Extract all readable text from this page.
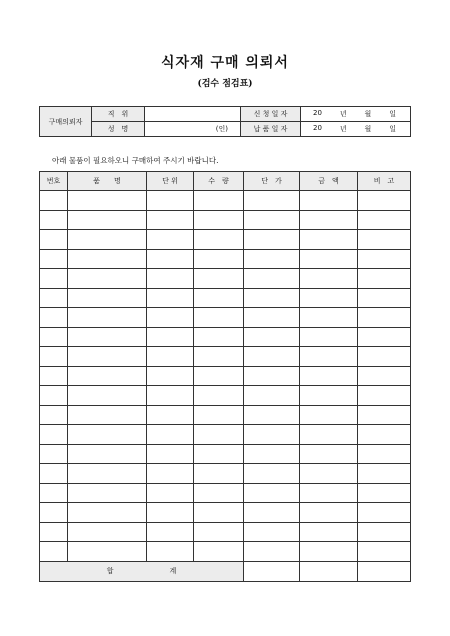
식자재 구매 의뢰서
(검수 점검표)
구매의뢰자	직　위		신 청 일 자	20 년 월 일

	성　명	(인)	납 품 일 자	20 년 월 일
아래 물품이 필요하오니 구매하여 주시기 바랍니다.
번호	품　　명	단 위	수　량	단　가	금　액	비　고

합 계						
